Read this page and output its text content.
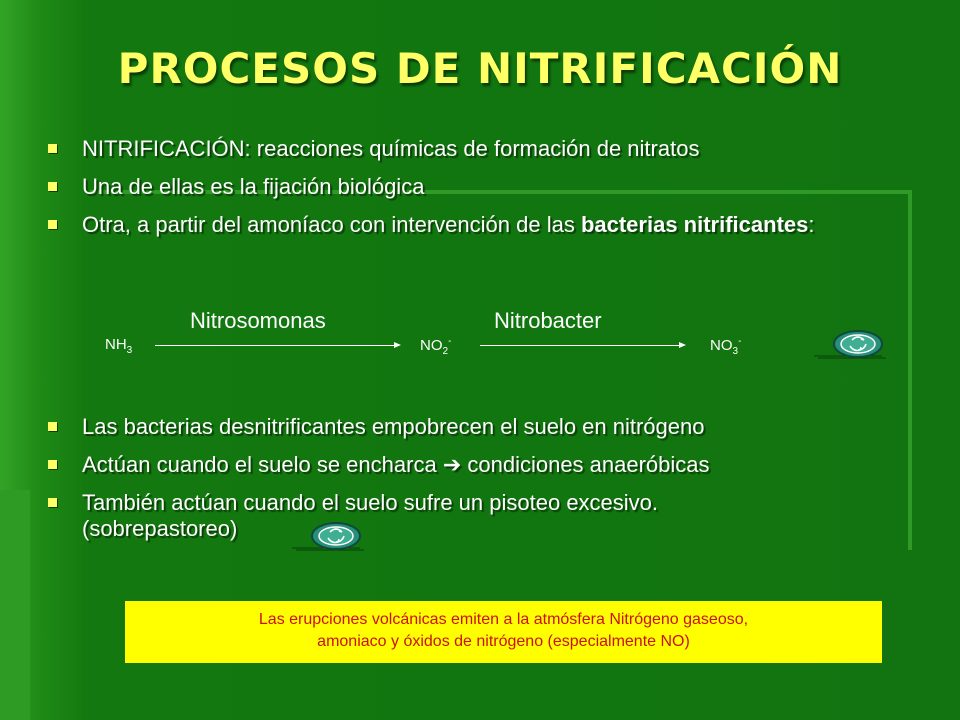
PROCESOS DE NITRIFICACIÓN
NITRIFICACIÓN: reacciones químicas de formación de nitratos
Una de ellas es la fijación biológica
Otra, a partir del amoníaco con intervención de las bacterias nitrificantes:
Nitrosomonas	Nitrobacter
$NH_3$	$NO_2^-$	$NO_3^-$
Las bacterias desnitrificantes empobrecen el suelo en nitrógeno
Actúan cuando el suelo se encharca ➔ condiciones anaeróbicas
También actúan cuando el suelo sufre un pisoteo excesivo.
(sobrepastoreo)
Las erupciones volcánicas emiten a la atmósfera Nitrógeno gaseoso,
amoniaco y óxidos de nitrógeno (especialmente NO)
